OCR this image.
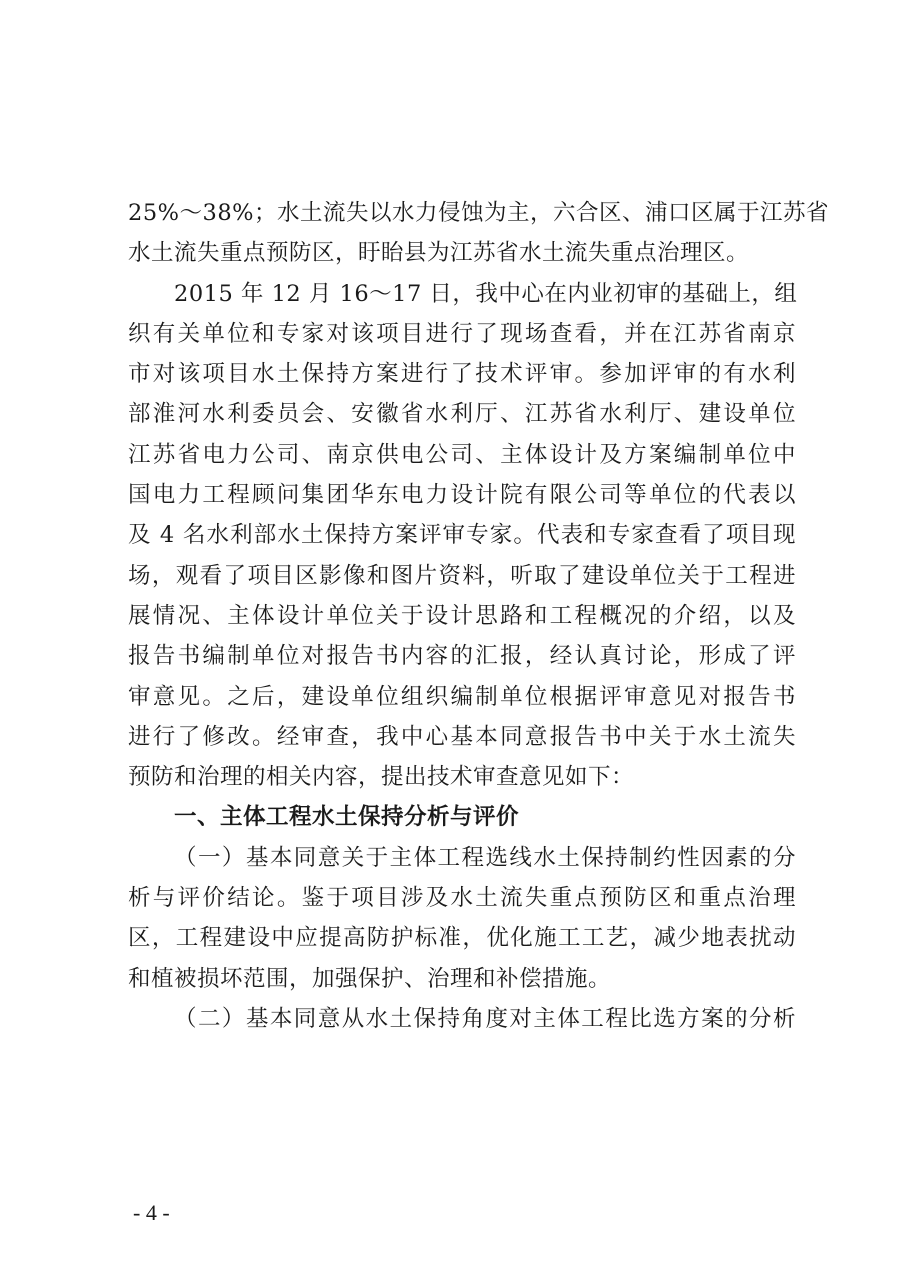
25%～38%；水土流失以水力侵蚀为主，六合区、浦口区属于江苏省
水土流失重点预防区，盱眙县为江苏省水土流失重点治理区。
2015 年 12 月 16～17 日，我中心在内业初审的基础上，组
织有关单位和专家对该项目进行了现场查看，并在江苏省南京
市对该项目水土保持方案进行了技术评审。参加评审的有水利
部淮河水利委员会、安徽省水利厅、江苏省水利厅、建设单位
江苏省电力公司、南京供电公司、主体设计及方案编制单位中
国电力工程顾问集团华东电力设计院有限公司等单位的代表以
及 4 名水利部水土保持方案评审专家。代表和专家查看了项目现
场，观看了项目区影像和图片资料，听取了建设单位关于工程进
展情况、主体设计单位关于设计思路和工程概况的介绍，以及
报告书编制单位对报告书内容的汇报，经认真讨论，形成了评
审意见。之后，建设单位组织编制单位根据评审意见对报告书
进行了修改。经审查，我中心基本同意报告书中关于水土流失
预防和治理的相关内容，提出技术审查意见如下：
一、主体工程水土保持分析与评价
（一）基本同意关于主体工程选线水土保持制约性因素的分
析与评价结论。鉴于项目涉及水土流失重点预防区和重点治理
区，工程建设中应提高防护标准，优化施工工艺，减少地表扰动
和植被损坏范围，加强保护、治理和补偿措施。
（二）基本同意从水土保持角度对主体工程比选方案的分析
- 4 -
